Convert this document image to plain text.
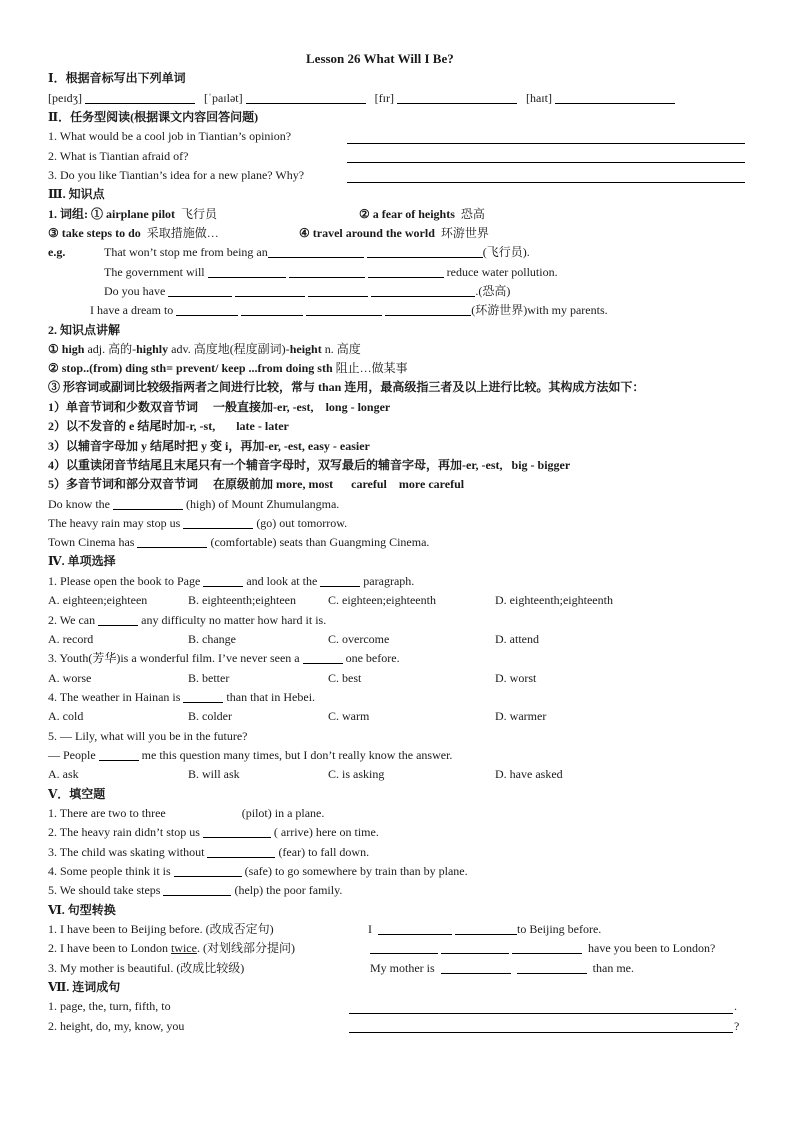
Lesson 26 What Will I Be?
Ⅰ．根据音标写出下列单词
[peɪdʒ]	[ˈpaɪlət]	[fɪr]	[haɪt]
Ⅱ．任务型阅读(根据课文内容回答问题)
1. What would be a cool job in Tiantian’s opinion?
2. What is Tiantian afraid of?
3. Do you like Tiantian’s idea for a new plane? Why?
Ⅲ. 知识点
1. 词组: ① airplane pilot 飞行员	② a fear of heights 恐高
③ take steps to do 采取措施做…	④ travel around the world 环游世界
e.g.	That won’t stop me from being an	(飞行员).
The government will	reduce water pollution.
Do you have	.(恐高)
I have a dream to	(环游世界)with my parents.
2. 知识点讲解
① high adj. 高的-highly adv. 高度地(程度副词)-height n. 高度
② stop..(from) ding sth= prevent/ keep ...from doing sth 阻止…做某事
③ 形容词或副词比较级指两者之间进行比较，常与 than 连用，最高级指三者及以上进行比较。其构成方法如下：
1）单音节词和少数双音节词 一般直接加-er, -est, long - longer
2）以不发音的 e 结尾时加-r, -st, late - later
3）以辅音字母加 y 结尾时把 y 变 i，再加-er, -est, easy - easier
4）以重读闭音节结尾且末尾只有一个辅音字母时，双写最后的辅音字母，再加-er, -est, big - bigger
5）多音节词和部分双音节词 在原级前加 more, most careful more careful
Do know the	(high) of Mount Zhumulangma.
The heavy rain may stop us	(go) out tomorrow.
Town Cinema has	(comfortable) seats than Guangming Cinema.
Ⅳ. 单项选择
1. Please open the book to Page	and look at the	paragraph.
A. eighteen;eighteen	B. eighteenth;eighteen	C. eighteen;eighteenth	D. eighteenth;eighteenth
2. We can	any difficulty no matter how hard it is.
A. record	B. change	C. overcome	D. attend
3. Youth(芳华)is a wonderful film. I’ve never seen a	one before.
A. worse	B. better	C. best	D. worst
4. The weather in Hainan is	than that in Hebei.
A. cold	B. colder	C. warm	D. warmer
5. — Lily, what will you be in the future?
— People	me this question many times, but I don’t really know the answer.
A. ask	B. will ask	C. is asking	D. have asked
Ⅴ．填空题
1. There are two to three	(pilot) in a plane.
2. The heavy rain didn’t stop us	( arrive) here on time.
3. The child was skating without	(fear) to fall down.
4. Some people think it is	(safe) to go somewhere by train than by plane.
5. We should take steps	(help) the poor family.
Ⅵ. 句型转换
1. I have been to Beijing before. (改成否定句)	I	to Beijing before.
2. I have been to London twice. (对划线部分提问)	have you been to London?
3. My mother is beautiful. (改成比较级)	My mother is	than me.
Ⅶ. 连词成句
1. page, the, turn, fifth, to	.
2. height, do, my, know, you	?
